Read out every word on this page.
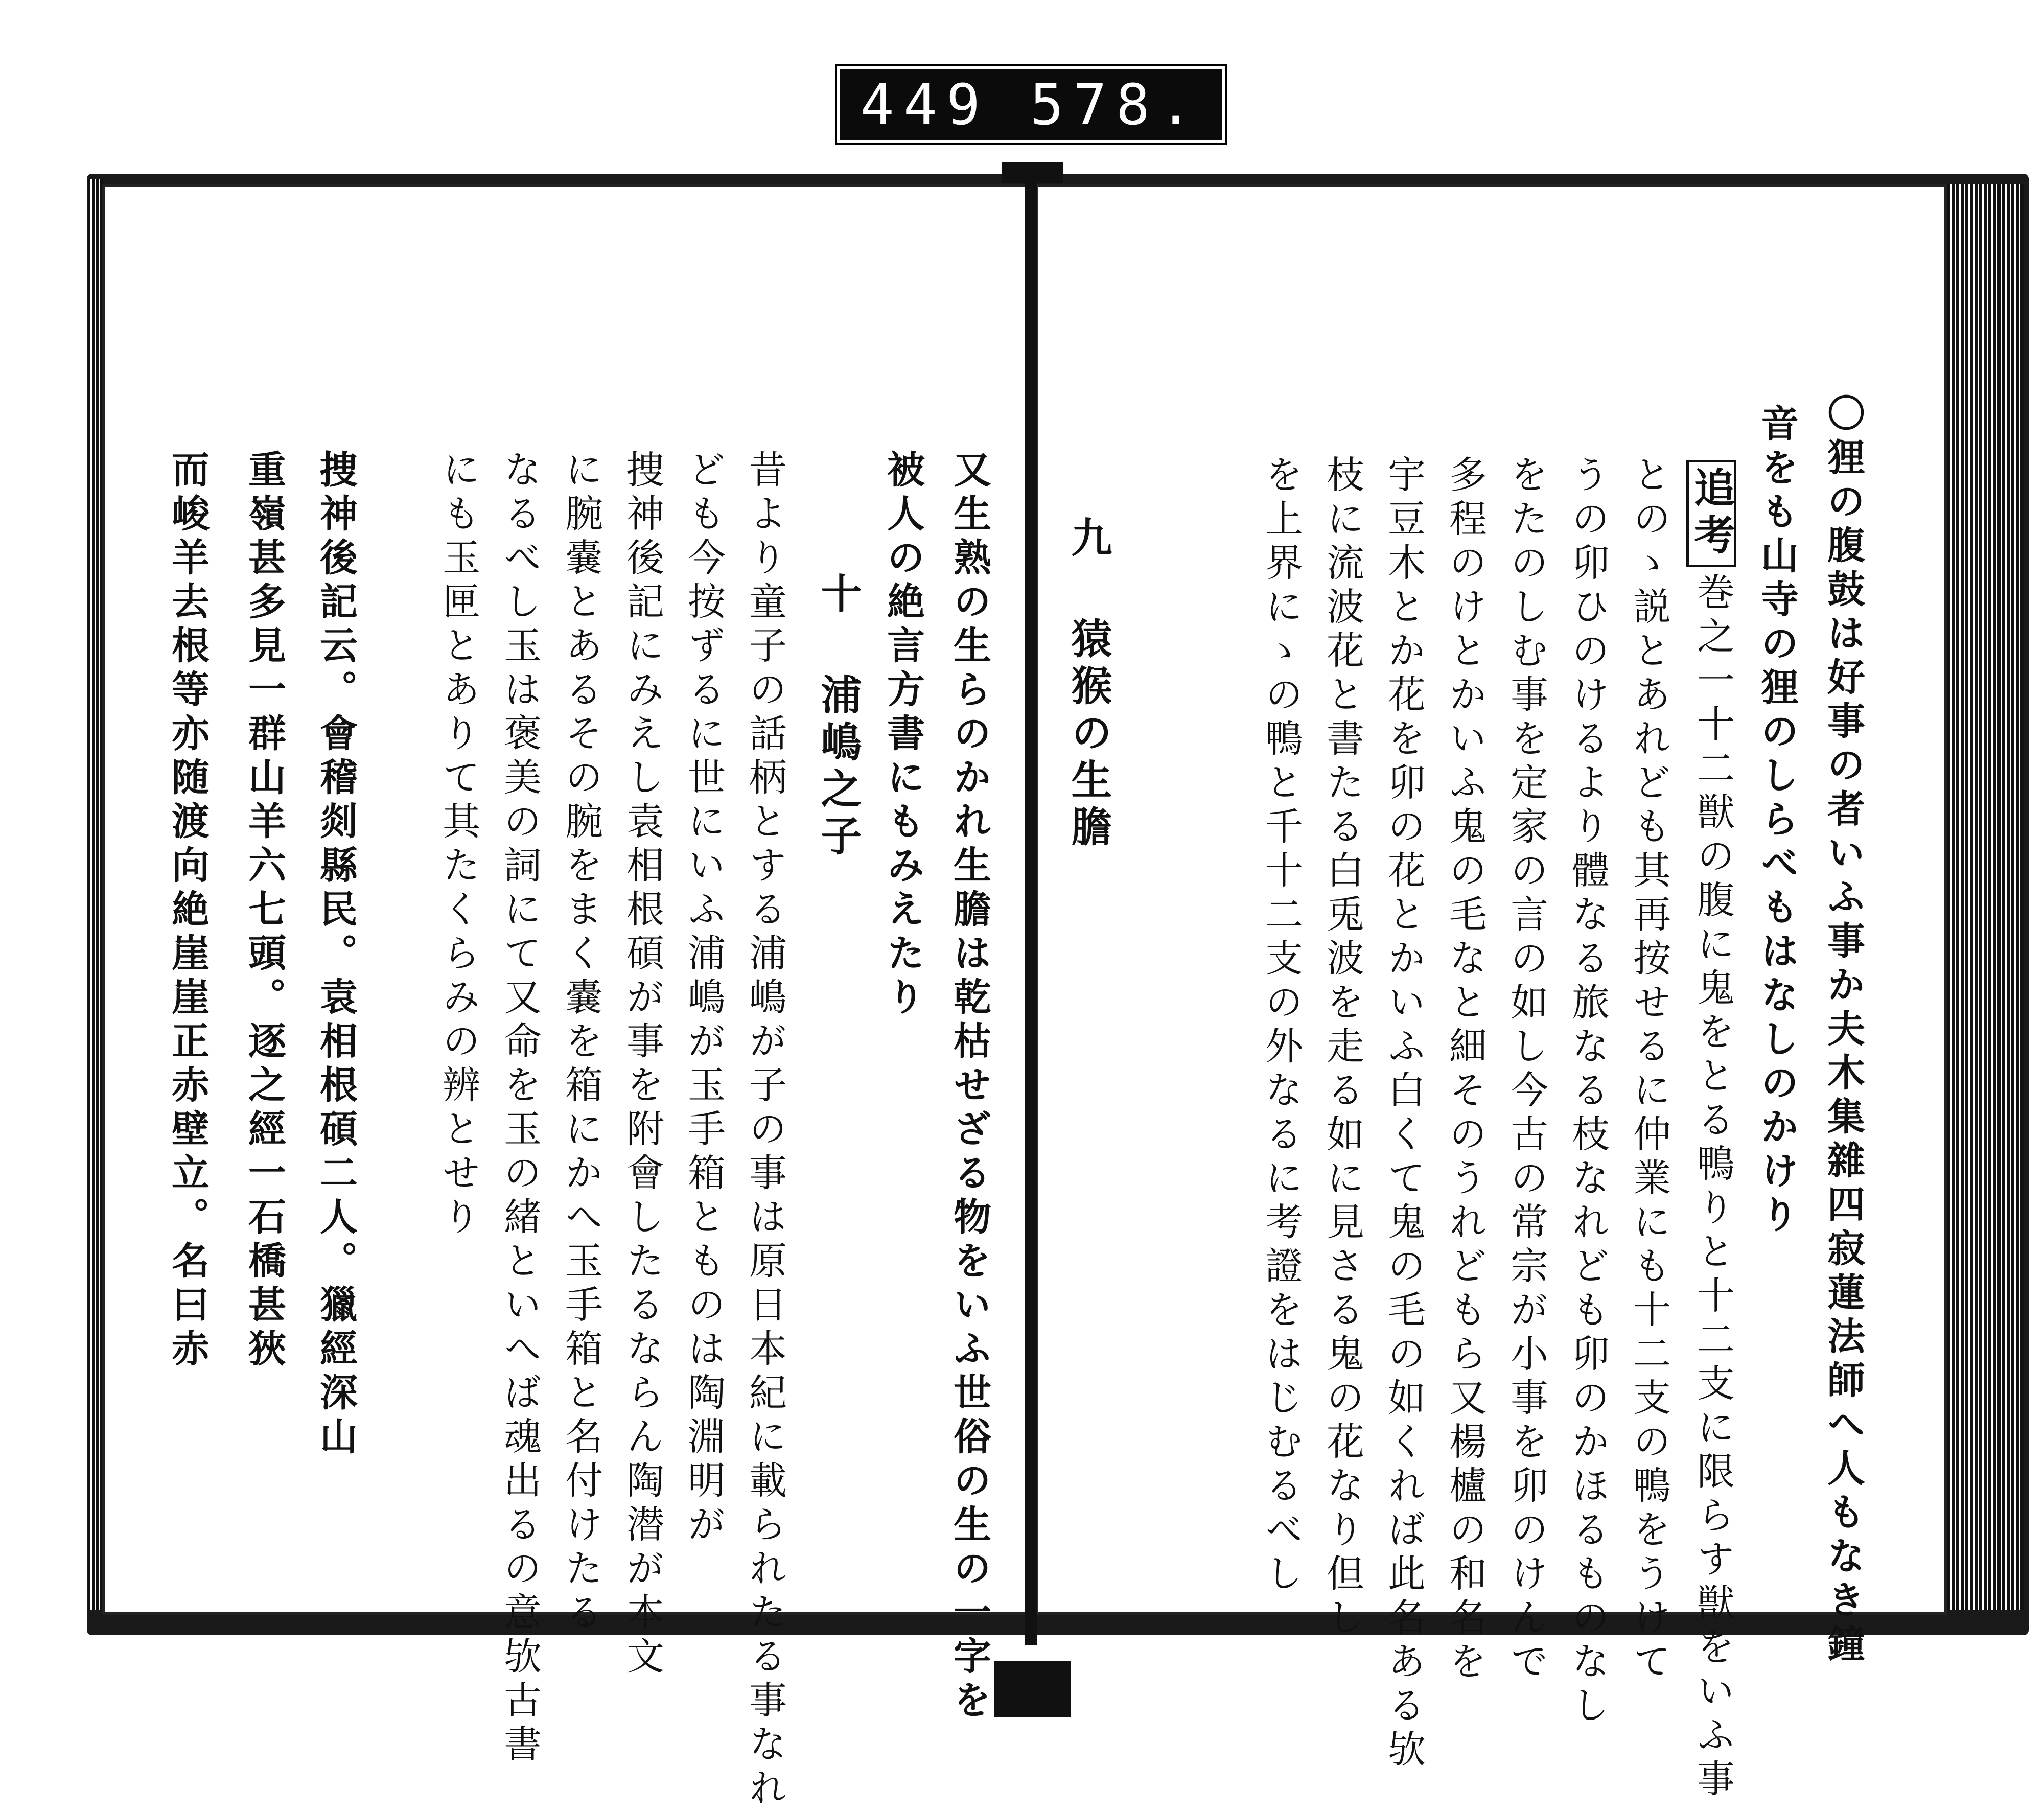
449 578.
〇狸の腹鼓は好事の者いふ事か夫木集雜四寂蓮法師へ人もなき鐘
音をも山寺の狸のしらべもはなしのかけり
追考
巻之一十二獣の腹に鬼をとる鴨りと十二支に限らす獣をいふ事
とのゝ説とあれども其再按せるに仲業にも十二支の鴨をうけて
うの卯ひのけるより體なる旅なる枝なれども卯のかほるものなし
をたのしむ事を定家の言の如し今古の常宗が小事を卯のけんで
多程のけとかいふ鬼の毛なと細そのうれどもら又楊櫨の和名を
宇豆木とか花を卯の花とかいふ白くて鬼の毛の如くれば此名ある欤
枝に流波花と書たる白兎波を走る如に見さる鬼の花なり但し
を上界にゝの鴨と千十二支の外なるに考證をはじむるべし
九 猿猴の生膽
又生熟の生らのかれ生膽は乾枯せざる物をいふ世俗の生の一字を
被人の絶言方書にもみえたり
十 浦嶋之子
昔より童子の話柄とする浦嶋が子の事は原日本紀に載られたる事なれ
ども今按ずるに世にいふ浦嶋が玉手箱とものは陶淵明が
捜神後記にみえし袁相根碩が事を附會したるならん陶潜が本文
に腕嚢とあるその腕をまく嚢を箱にかへ玉手箱と名付けたる
なるべし玉は褒美の詞にて又命を玉の緒といへば魂出るの意欤古書
にも玉匣とありて其たくらみの辨とせり
捜神後記云。會稽剡縣民。袁相根碩二人。獵經深山
重嶺甚多見一群山羊六七頭。逐之經一石橋甚狹
而峻羊去根等亦随渡向絶崖崖正赤壁立。名曰赤
